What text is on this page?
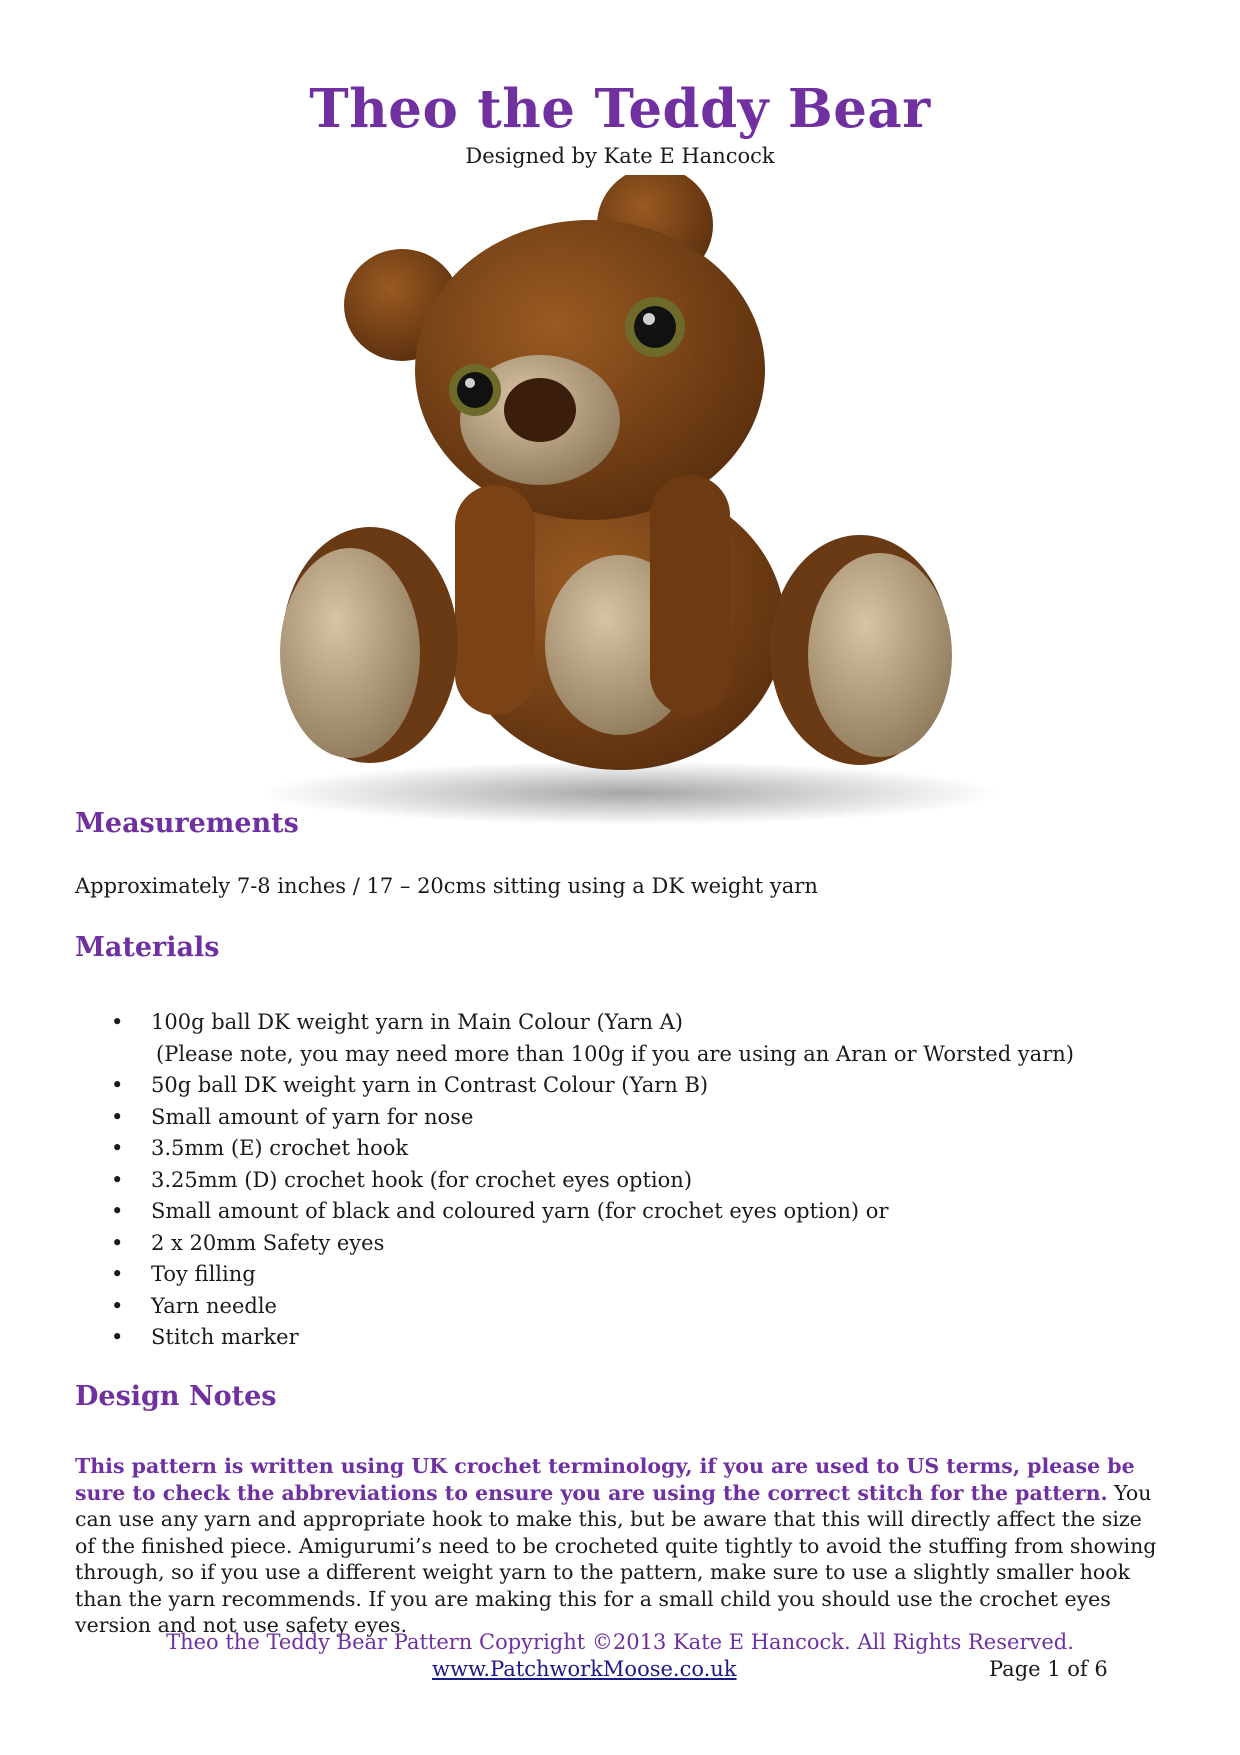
Theo the Teddy Bear
Designed by Kate E Hancock
Measurements
Approximately 7-8 inches / 17 – 20cms sitting using a DK weight yarn
Materials
• 100g ball DK weight yarn in Main Colour (Yarn A)
(Please note, you may need more than 100g if you are using an Aran or Worsted yarn)
• 50g ball DK weight yarn in Contrast Colour (Yarn B)
• Small amount of yarn for nose
• 3.5mm (E) crochet hook
• 3.25mm (D) crochet hook (for crochet eyes option)
• Small amount of black and coloured yarn (for crochet eyes option) or
• 2 x 20mm Safety eyes
• Toy filling
• Yarn needle
• Stitch marker
Design Notes
This pattern is written using UK crochet terminology, if you are used to US terms, please be sure to check the abbreviations to ensure you are using the correct stitch for the pattern. You can use any yarn and appropriate hook to make this, but be aware that this will directly affect the size of the finished piece. Amigurumi’s need to be crocheted quite tightly to avoid the stuffing from showing through, so if you use a different weight yarn to the pattern, make sure to use a slightly smaller hook than the yarn recommends. If you are making this for a small child you should use the crochet eyes version and not use safety eyes.
Theo the Teddy Bear Pattern Copyright ©2013 Kate E Hancock. All Rights Reserved.
www.PatchworkMoose.co.uk	Page 1 of 6
